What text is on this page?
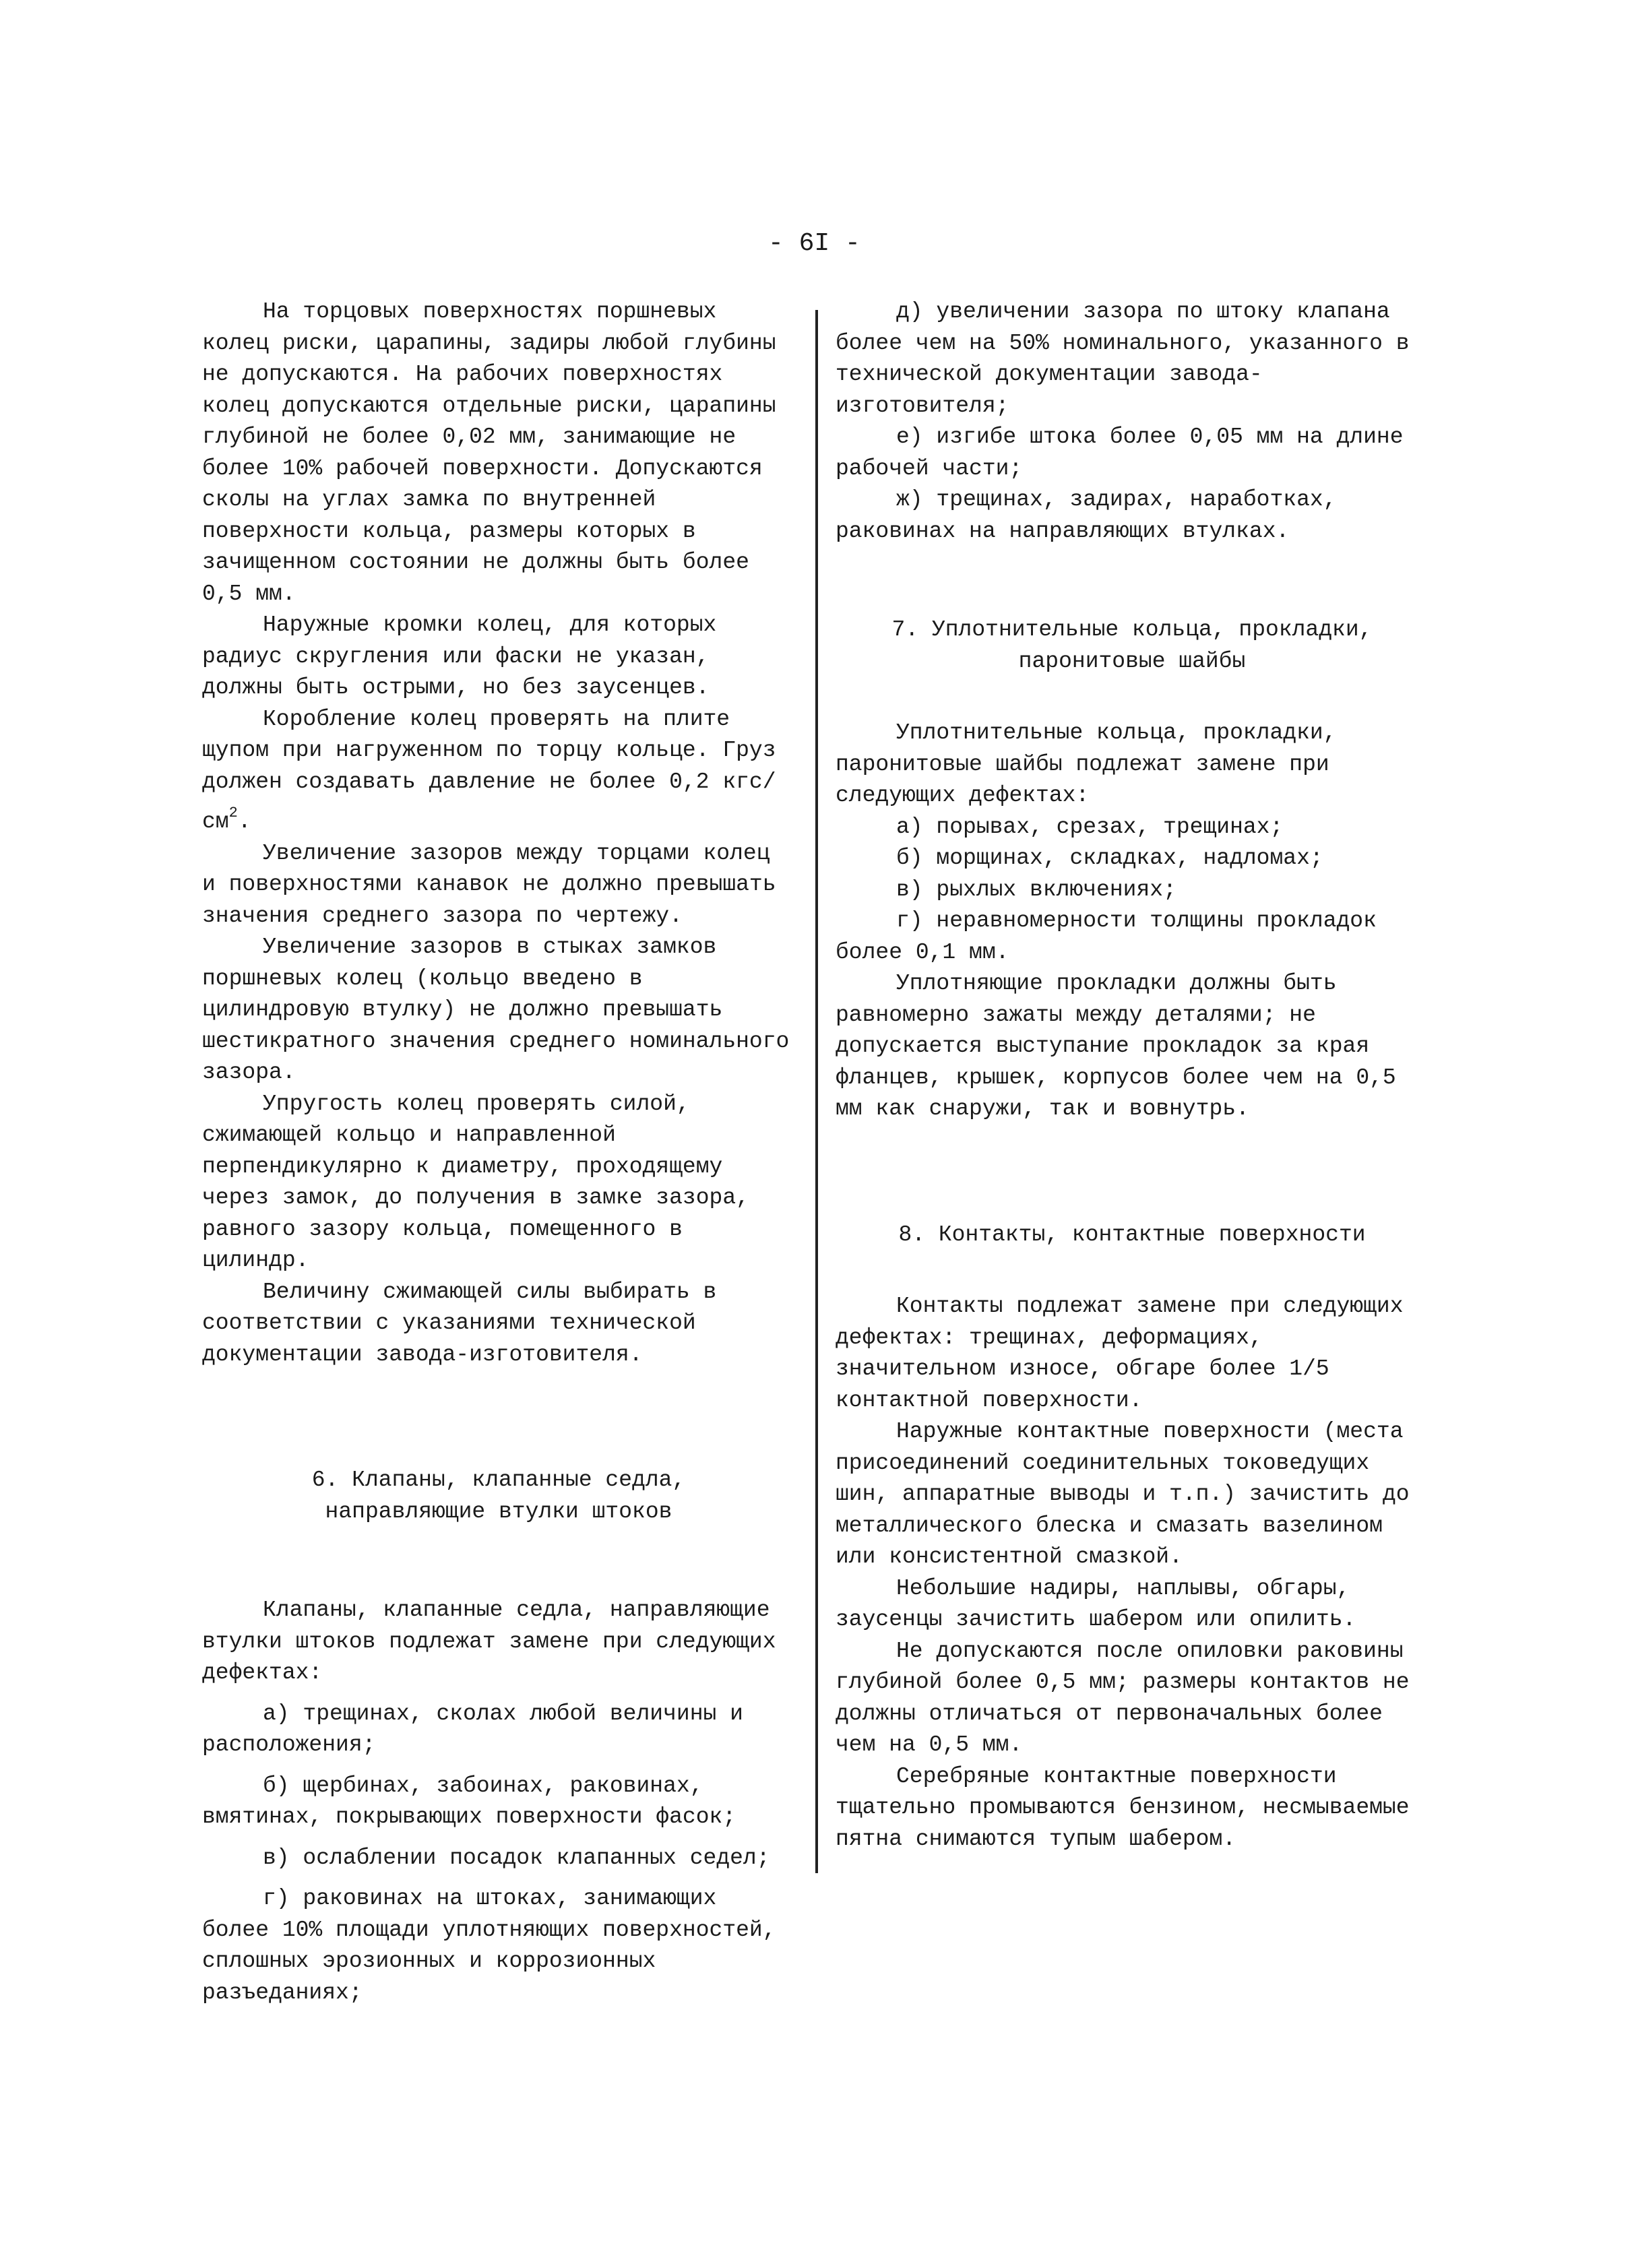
- 6I -

На торцовых поверхностях поршневых колец риски, царапины, задиры любой глубины не допускаются. На рабочих поверхностях колец допускаются отдельные риски, царапины глубиной не более 0,02 мм, занимающие не более 10% рабочей поверхности. Допускаются сколы на углах замка по внутренней поверхности кольца, размеры которых в зачищенном состоянии не должны быть более 0,5 мм.

Наружные кромки колец, для которых радиус скругления или фаски не указан, должны быть острыми, но без заусенцев.

Коробление колец проверять на плите щупом при нагруженном по торцу кольце. Груз должен создавать давление не более 0,2 кгс/$см^2$.

Увеличение зазоров между торцами колец и поверхностями канавок не должно превышать значения среднего зазора по чертежу.

Увеличение зазоров в стыках замков поршневых колец (кольцо введено в цилиндровую втулку) не должно превышать шестикратного значения среднего номинального зазора.

Упругость колец проверять силой, сжимающей кольцо и направленной перпендикулярно к диаметру, проходящему через замок, до получения в замке зазора, равного зазору кольца, помещенного в цилиндр.

Величину сжимающей силы выбирать в соответствии с указаниями технической документации завода-изготовителя.

6. Клапаны, клапанные седла,

направляющие втулки штоков

Клапаны, клапанные седла, направляющие втулки штоков подлежат замене при следующих дефектах:

а) трещинах, сколах любой величины и расположения;

б) щербинах, забоинах, раковинах, вмятинах, покрывающих поверхности фасок;

в) ослаблении посадок клапанных седел;

г) раковинах на штоках, занимающих более 10% площади уплотняющих поверхностей, сплошных эрозионных и коррозионных разъеданиях;

д) увеличении зазора по штоку клапана более чем на 50% номинального, указанного в технической документации завода-изготовителя;

е) изгибе штока более 0,05 мм на длине рабочей части;

ж) трещинах, задирах, наработках, раковинах на направляющих втулках.

7. Уплотнительные кольца, прокладки,

паронитовые шайбы

Уплотнительные кольца, прокладки, паронитовые шайбы подлежат замене при следующих дефектах:

а) порывах, срезах, трещинах;

б) морщинах, складках, надломах;

в) рыхлых включениях;

г) неравномерности толщины прокладок более 0,1 мм.

Уплотняющие прокладки должны быть равномерно зажаты между деталями; не допускается выступание прокладок за края фланцев, крышек, корпусов более чем на 0,5 мм как снаружи, так и вовнутрь.

8. Контакты, контактные поверхности

Контакты подлежат замене при следующих дефектах: трещинах, деформациях, значительном износе, обгаре более 1/5 контактной поверхности.

Наружные контактные поверхности (места присоединений соединительных токоведущих шин, аппаратные выводы и т.п.) зачистить до металлического блеска и смазать вазелином или консистентной смазкой.

Небольшие надиры, наплывы, обгары, заусенцы зачистить шабером или опилить.

Не допускаются после опиловки раковины глубиной более 0,5 мм; размеры контактов не должны отличаться от первоначальных более чем на 0,5 мм.

Серебряные контактные поверхности тщательно промываются бензином, несмываемые пятна снимаются тупым шабером.
